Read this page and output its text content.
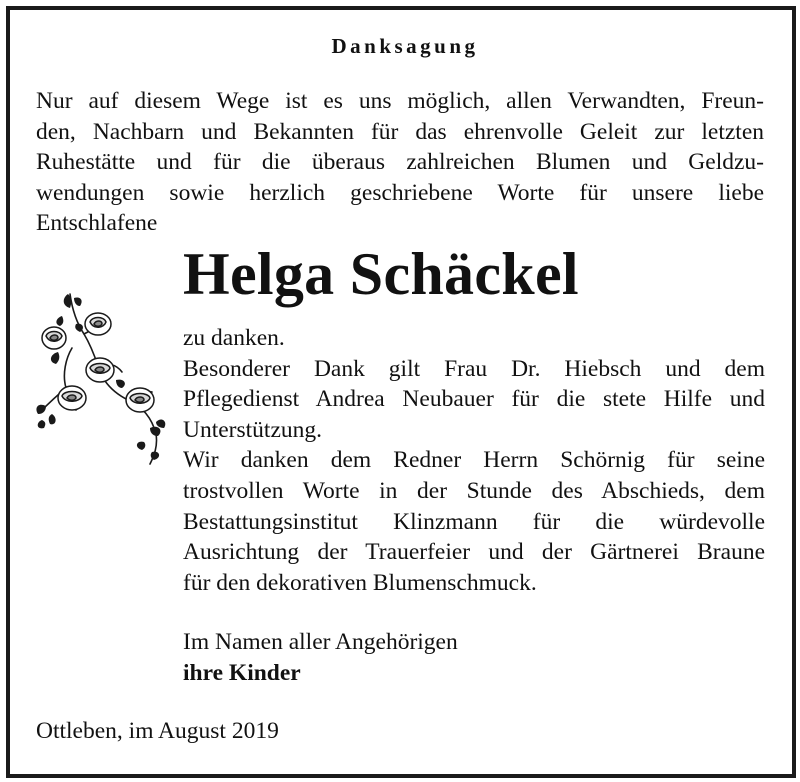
Danksagung
Nur auf diesem Wege ist es uns möglich, allen Verwandten, Freun-
den, Nachbarn und Bekannten für das ehrenvolle Geleit zur letzten
Ruhestätte und für die überaus zahlreichen Blumen und Geldzu-
wendungen sowie herzlich geschriebene Worte für unsere liebe
Entschlafene
Helga Schäckel
zu danken.
Besonderer Dank gilt Frau Dr. Hiebsch und dem
Pflegedienst Andrea Neubauer für die stete Hilfe und
Unterstützung.
Wir danken dem Redner Herrn Schörnig für seine
trostvollen Worte in der Stunde des Abschieds, dem
Bestattungsinstitut Klinzmann für die würdevolle
Ausrichtung der Trauerfeier und der Gärtnerei Braune
für den dekorativen Blumenschmuck.
Im Namen aller Angehörigen
ihre Kinder
Ottleben, im August 2019
